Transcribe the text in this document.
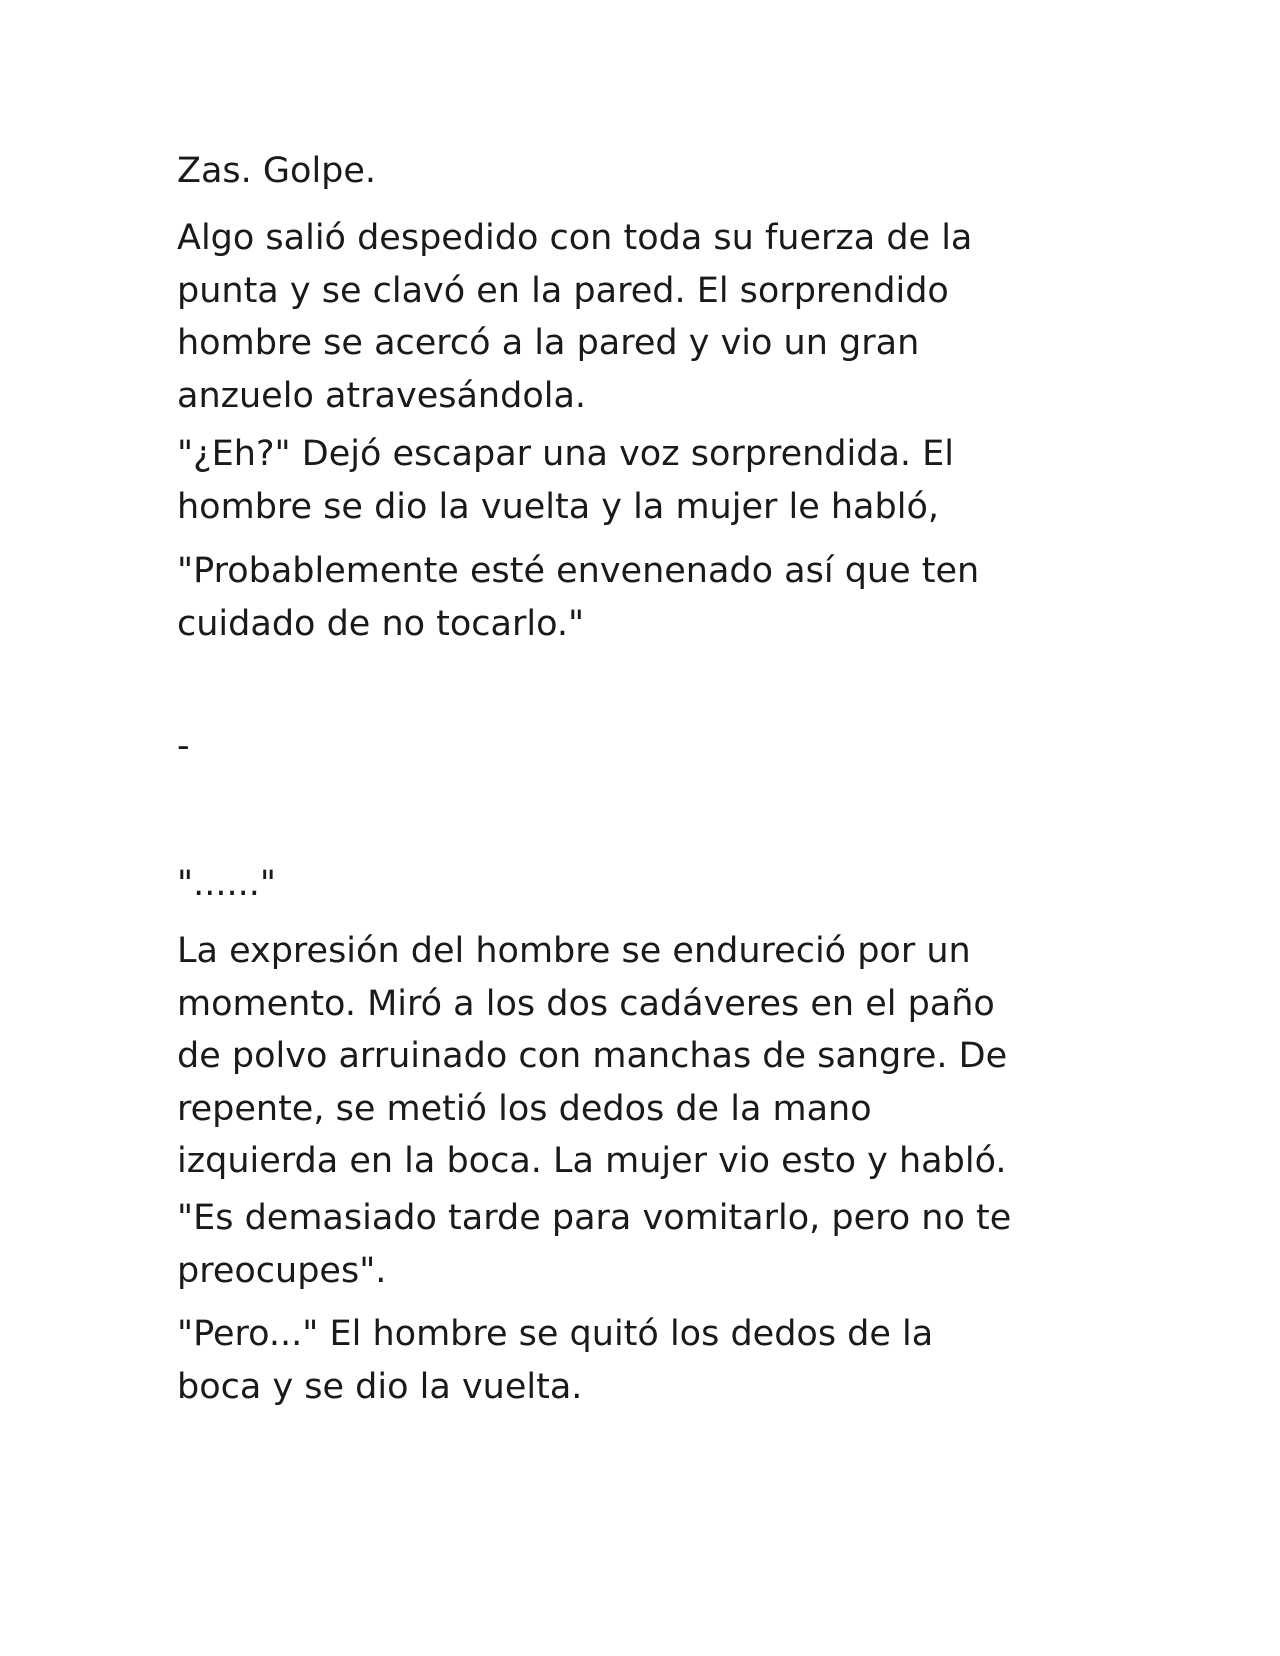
Zas. Golpe.

Algo salió despedido con toda su fuerza de la
punta y se clavó en la pared. El sorprendido
hombre se acercó a la pared y vio un gran
anzuelo atravesándola.

"¿Eh?" Dejó escapar una voz sorprendida. El
hombre se dio la vuelta y la mujer le habló,

"Probablemente esté envenenado así que ten
cuidado de no tocarlo."

-

"......"

La expresión del hombre se endureció por un
momento. Miró a los dos cadáveres en el paño
de polvo arruinado con manchas de sangre. De
repente, se metió los dedos de la mano
izquierda en la boca. La mujer vio esto y habló.

"Es demasiado tarde para vomitarlo, pero no te
preocupes".

"Pero..." El hombre se quitó los dedos de la
boca y se dio la vuelta.
